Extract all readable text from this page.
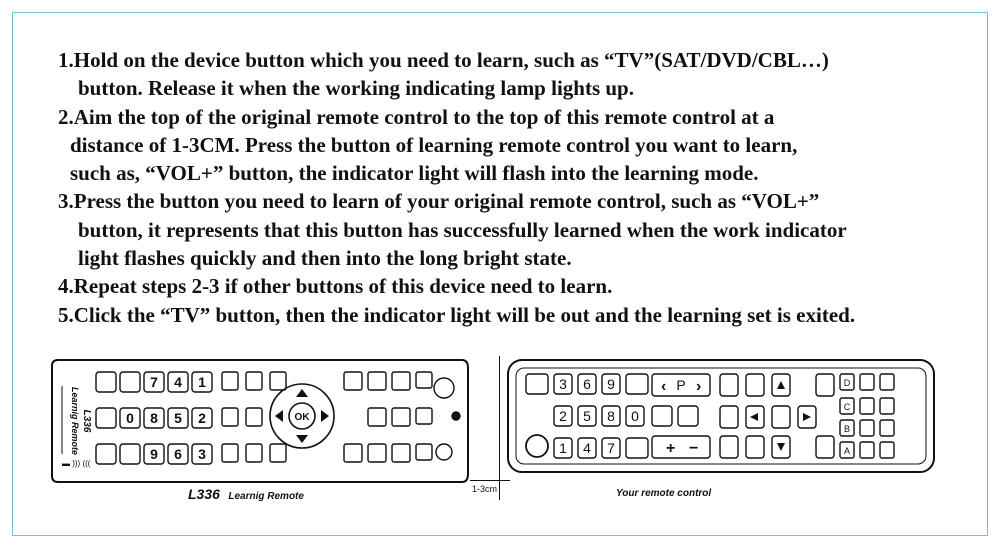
1.Hold on the device button which you need to learn, such as “TV”(SAT/DVD/CBL…)
button. Release it when the working indicating lamp lights up.
2.Aim the top of the original remote control to the top of this remote control at a
distance of 1-3CM. Press the button of learning remote control you want to learn,
such as, “VOL+” button, the indicator light will flash into the learning mode.
3.Press the button you need to learn of your original remote control, such as “VOL+”
button, it represents that this button has successfully learned when the work indicator
light flashes quickly and then into the long bright state.
4.Repeat steps 2-3 if other buttons of this device need to learn.
5.Click the “TV” button, then the indicator light will be out and the learning set is exited.
L336
Learnig Remote
▬ ))) (((
1
2
3
4
5
6
7
8
9
0	OK
L336 Learnig Remote
1-3cm
3 6 9
2 5 8 0
1 4 7
P
‹ ›
+ −
D
C
B
A
Your remote control
